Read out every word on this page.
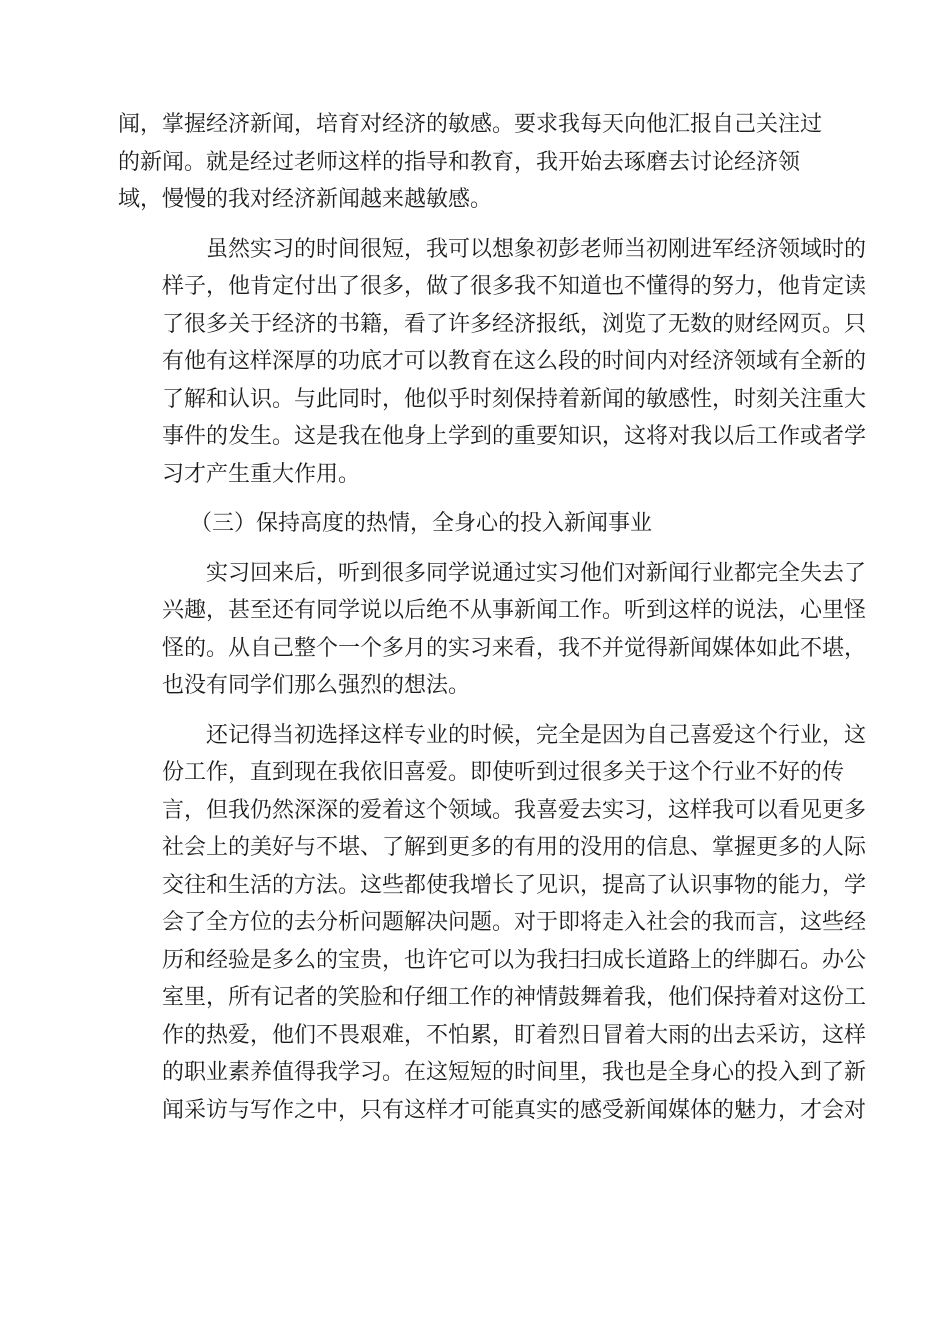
闻，掌握经济新闻，培育对经济的敏感。要求我每天向他汇报自己关注过
的新闻。就是经过老师这样的指导和教育，我开始去琢磨去讨论经济领
域，慢慢的我对经济新闻越来越敏感。
虽然实习的时间很短，我可以想象初彭老师当初刚进军经济领域时的
样子，他肯定付出了很多，做了很多我不知道也不懂得的努力，他肯定读
了很多关于经济的书籍，看了许多经济报纸，浏览了无数的财经网页。只
有他有这样深厚的功底才可以教育在这么段的时间内对经济领域有全新的
了解和认识。与此同时，他似乎时刻保持着新闻的敏感性，时刻关注重大
事件的发生。这是我在他身上学到的重要知识，这将对我以后工作或者学
习才产生重大作用。
（三）保持高度的热情，全身心的投入新闻事业
实习回来后，听到很多同学说通过实习他们对新闻行业都完全失去了
兴趣，甚至还有同学说以后绝不从事新闻工作。听到这样的说法，心里怪
怪的。从自己整个一个多月的实习来看，我不并觉得新闻媒体如此不堪，
也没有同学们那么强烈的想法。
还记得当初选择这样专业的时候，完全是因为自己喜爱这个行业，这
份工作，直到现在我依旧喜爱。即使听到过很多关于这个行业不好的传
言，但我仍然深深的爱着这个领域。我喜爱去实习，这样我可以看见更多
社会上的美好与不堪、了解到更多的有用的没用的信息、掌握更多的人际
交往和生活的方法。这些都使我增长了见识，提高了认识事物的能力，学
会了全方位的去分析问题解决问题。对于即将走入社会的我而言，这些经
历和经验是多么的宝贵，也许它可以为我扫扫成长道路上的绊脚石。办公
室里，所有记者的笑脸和仔细工作的神情鼓舞着我，他们保持着对这份工
作的热爱，他们不畏艰难，不怕累，盯着烈日冒着大雨的出去采访，这样
的职业素养值得我学习。在这短短的时间里，我也是全身心的投入到了新
闻采访与写作之中，只有这样才可能真实的感受新闻媒体的魅力，才会对
